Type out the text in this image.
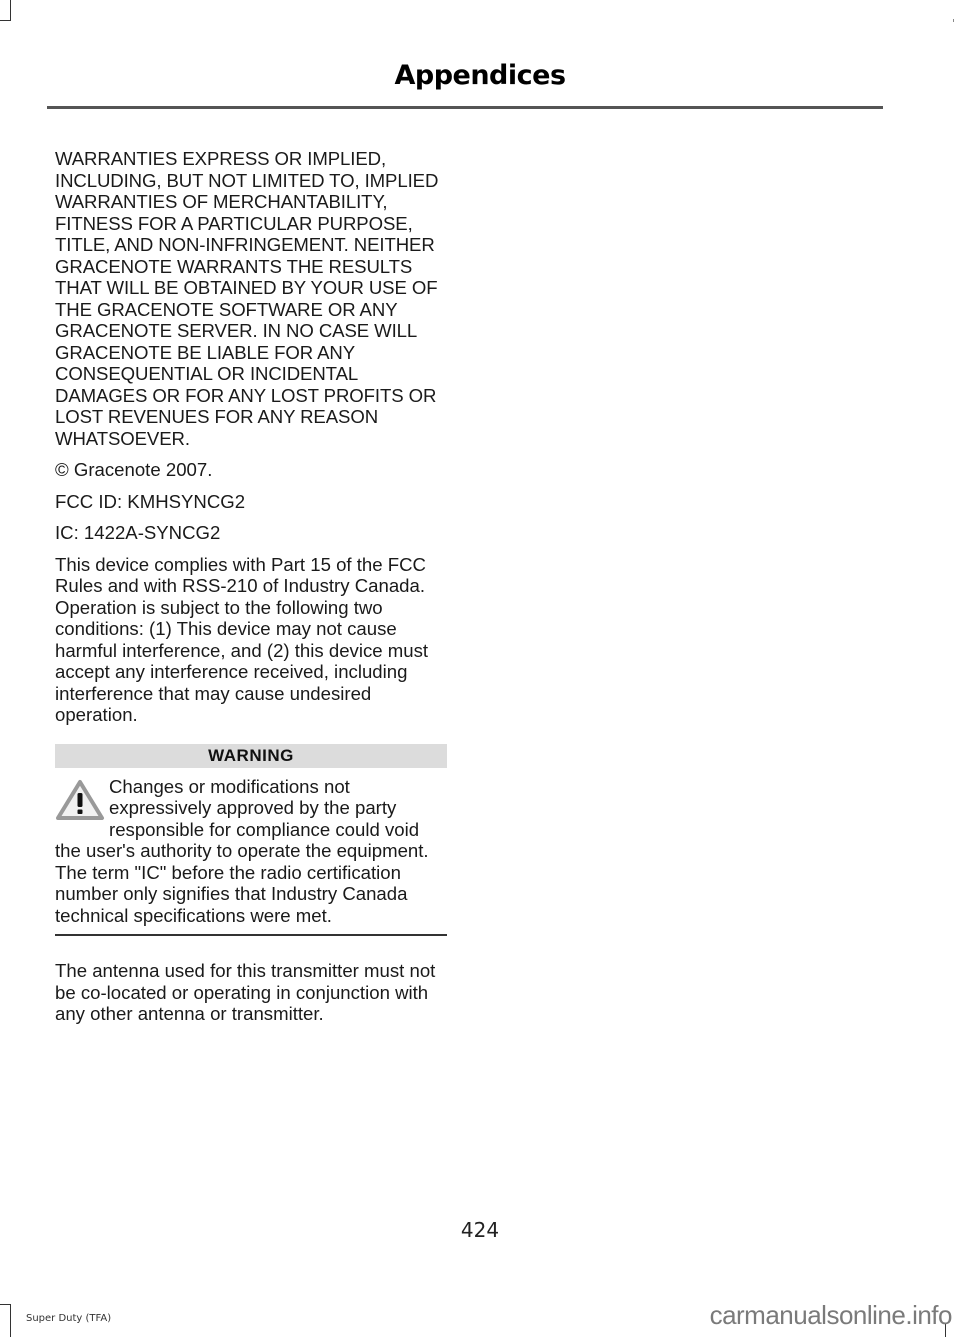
Appendices

WARRANTIES EXPRESS OR IMPLIED, INCLUDING, BUT NOT LIMITED TO, IMPLIED WARRANTIES OF MERCHANTABILITY, FITNESS FOR A PARTICULAR PURPOSE, TITLE, AND NON-INFRINGEMENT. NEITHER GRACENOTE WARRANTS THE RESULTS THAT WILL BE OBTAINED BY YOUR USE OF THE GRACENOTE SOFTWARE OR ANY GRACENOTE SERVER. IN NO CASE WILL GRACENOTE BE LIABLE FOR ANY CONSEQUENTIAL OR INCIDENTAL DAMAGES OR FOR ANY LOST PROFITS OR LOST REVENUES FOR ANY REASON WHATSOEVER.

© Gracenote 2007.

FCC ID: KMHSYNCG2

IC: 1422A-SYNCG2

This device complies with Part 15 of the FCC Rules and with RSS-210 of Industry Canada. Operation is subject to the following two conditions: (1) This device may not cause harmful interference, and (2) this device must accept any interference received, including interference that may cause undesired operation.

WARNING

Changes or modifications not expressively approved by the party responsible for compliance could void the user's authority to operate the equipment. The term "IC" before the radio certification number only signifies that Industry Canada technical specifications were met.

The antenna used for this transmitter must not be co-located or operating in conjunction with any other antenna or transmitter.

424
Super Duty (TFA)	carmanualsonline.info
